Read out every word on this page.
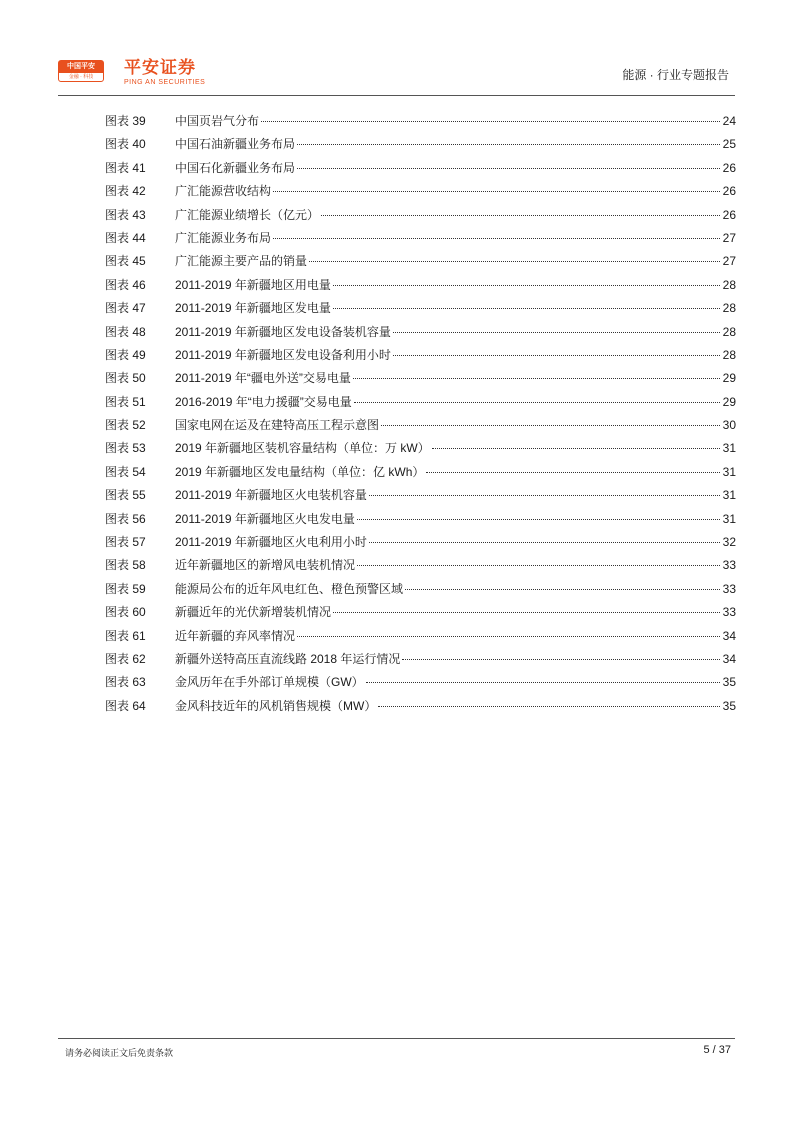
中国平安
金融 · 科技	平安证券
PING AN SECURITIES
能源 · 行业专题报告
图表 39	中国页岩气分布	24
图表 40	中国石油新疆业务布局	25
图表 41	中国石化新疆业务布局	26
图表 42	广汇能源营收结构	26
图表 43	广汇能源业绩增长（亿元）	26
图表 44	广汇能源业务布局	27
图表 45	广汇能源主要产品的销量	27
图表 46	2011-2019 年新疆地区用电量	28
图表 47	2011-2019 年新疆地区发电量	28
图表 48	2011-2019 年新疆地区发电设备装机容量	28
图表 49	2011-2019 年新疆地区发电设备利用小时	28
图表 50	2011-2019 年“疆电外送”交易电量	29
图表 51	2016-2019 年“电力援疆”交易电量	29
图表 52	国家电网在运及在建特高压工程示意图	30
图表 53	2019 年新疆地区装机容量结构（单位：万 kW）	31
图表 54	2019 年新疆地区发电量结构（单位：亿 kWh）	31
图表 55	2011-2019 年新疆地区火电装机容量	31
图表 56	2011-2019 年新疆地区火电发电量	31
图表 57	2011-2019 年新疆地区火电利用小时	32
图表 58	近年新疆地区的新增风电装机情况	33
图表 59	能源局公布的近年风电红色、橙色预警区域	33
图表 60	新疆近年的光伏新增装机情况	33
图表 61	近年新疆的弃风率情况	34
图表 62	新疆外送特高压直流线路 2018 年运行情况	34
图表 63	金风历年在手外部订单规模（GW）	35
图表 64	金风科技近年的风机销售规模（MW）	35
请务必阅读正文后免责条款	5 / 37
